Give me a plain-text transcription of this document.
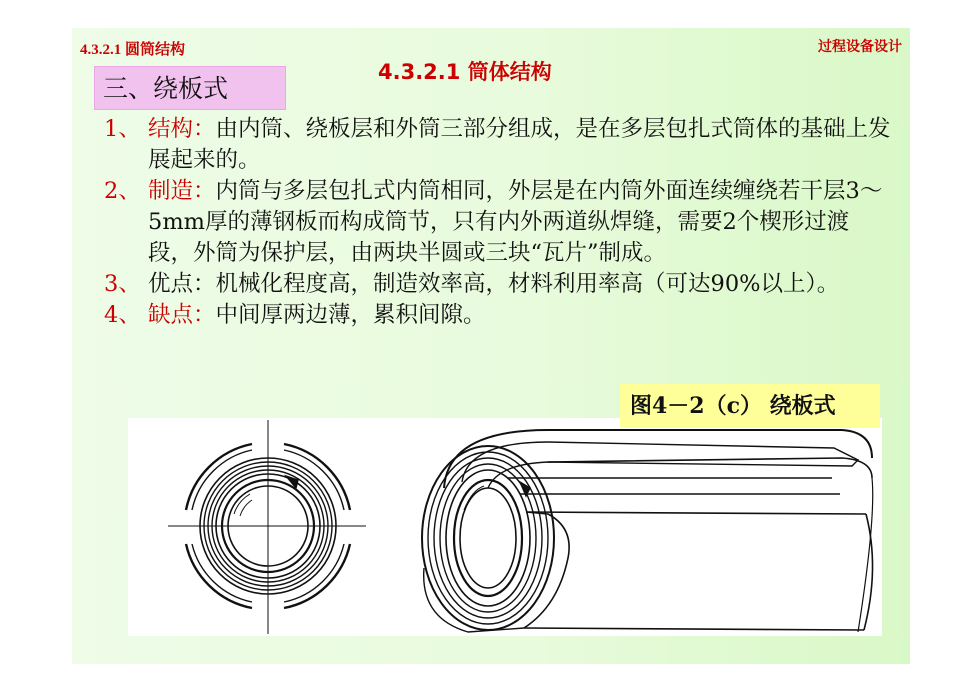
4.3.2.1 圆筒结构	过程设备设计
4.3.2.1 筒体结构
三、绕板式
1、 结构：由内筒、绕板层和外筒三部分组成，是在多层包扎式筒体的基础上发展起来的。
2、 制造：内筒与多层包扎式内筒相同，外层是在内筒外面连续缠绕若干层3～5mm厚的薄钢板而构成筒节，只有内外两道纵焊缝，需要2个楔形过渡段，外筒为保护层，由两块半圆或三块“瓦片”制成。
3、 优点：机械化程度高，制造效率高，材料利用率高（可达90%以上）。
4、 缺点：中间厚两边薄，累积间隙。
图4－2（c） 绕板式
